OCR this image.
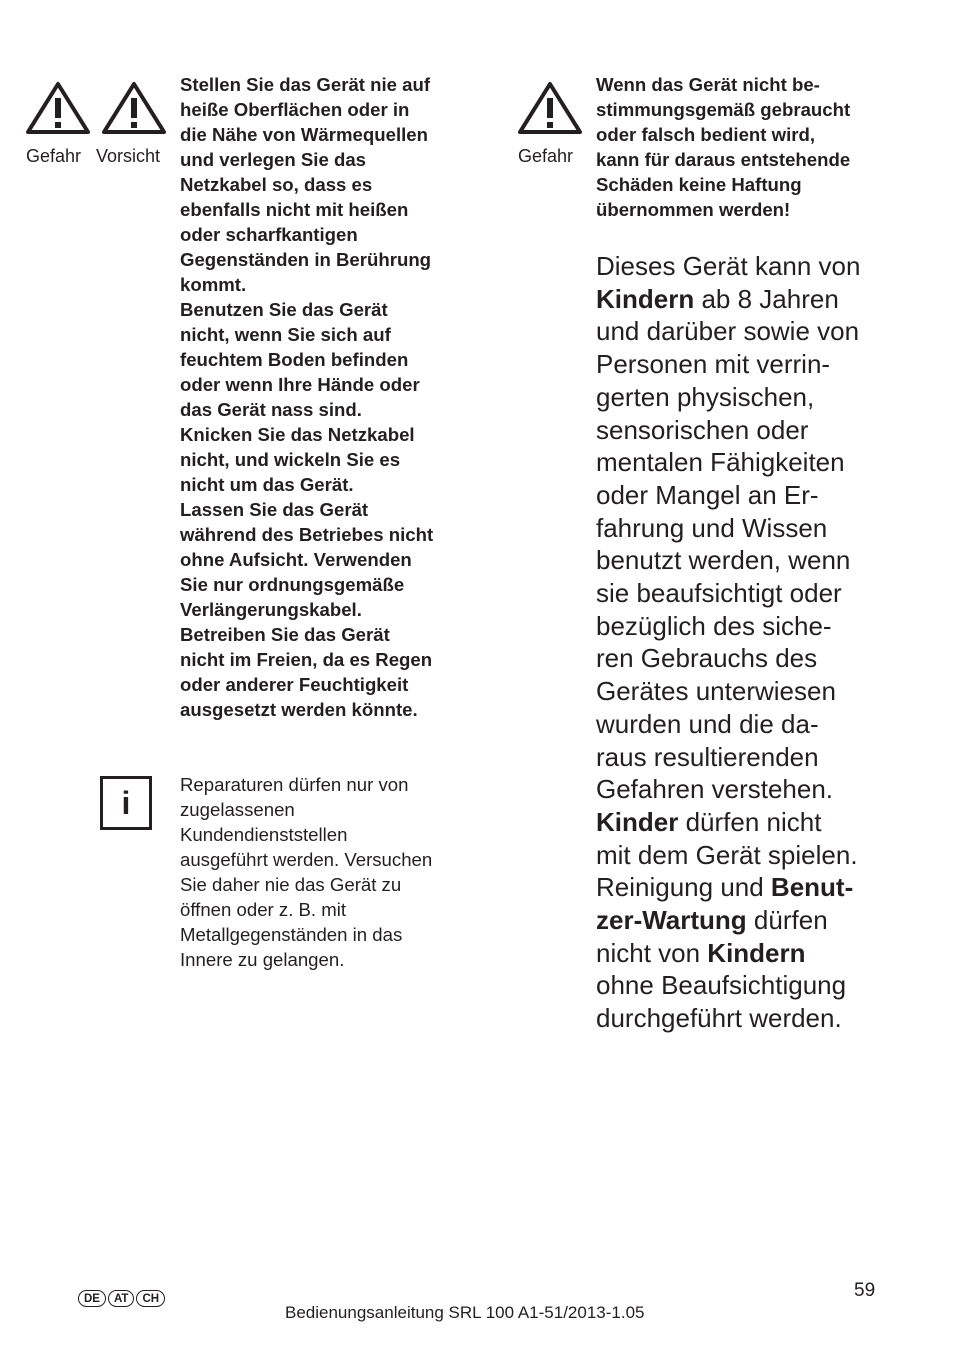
Gefahr Vorsicht

Stellen Sie das Gerät nie auf
heiße Oberflächen oder in
die Nähe von Wärmequellen
und verlegen Sie das
Netzkabel so, dass es
ebenfalls nicht mit heißen
oder scharfkantigen
Gegenständen in Berührung
kommt.
Benutzen Sie das Gerät
nicht, wenn Sie sich auf
feuchtem Boden befinden
oder wenn Ihre Hände oder
das Gerät nass sind.
Knicken Sie das Netzkabel
nicht, und wickeln Sie es
nicht um das Gerät.
Lassen Sie das Gerät
während des Betriebes nicht
ohne Aufsicht. Verwenden
Sie nur ordnungsgemäße
Verlängerungskabel.
Betreiben Sie das Gerät
nicht im Freien, da es Regen
oder anderer Feuchtigkeit
ausgesetzt werden könnte.

i	Reparaturen dürfen nur von
zugelassenen
Kundendienststellen
ausgeführt werden. Versuchen
Sie daher nie das Gerät zu
öffnen oder z. B. mit
Metallgegenständen in das
Innere zu gelangen.

Gefahr

Wenn das Gerät nicht be-
stimmungsgemäß gebraucht
oder falsch bedient wird,
kann für daraus entstehende
Schäden keine Haftung
übernommen werden!

Dieses Gerät kann von
Kindern ab 8 Jahren
und darüber sowie von
Personen mit verrin-
gerten physischen,
sensorischen oder
mentalen Fähigkeiten
oder Mangel an Er-
fahrung und Wissen
benutzt werden, wenn
sie beaufsichtigt oder
bezüglich des siche-
ren Gebrauchs des
Gerätes unterwiesen
wurden und die da-
raus resultierenden
Gefahren verstehen.
Kinder dürfen nicht
mit dem Gerät spielen.
Reinigung und Benut-
zer-Wartung dürfen
nicht von Kindern
ohne Beaufsichtigung
durchgeführt werden.

DE	AT	CH	59
Bedienungsanleitung SRL 100 A1-51/2013-1.05
